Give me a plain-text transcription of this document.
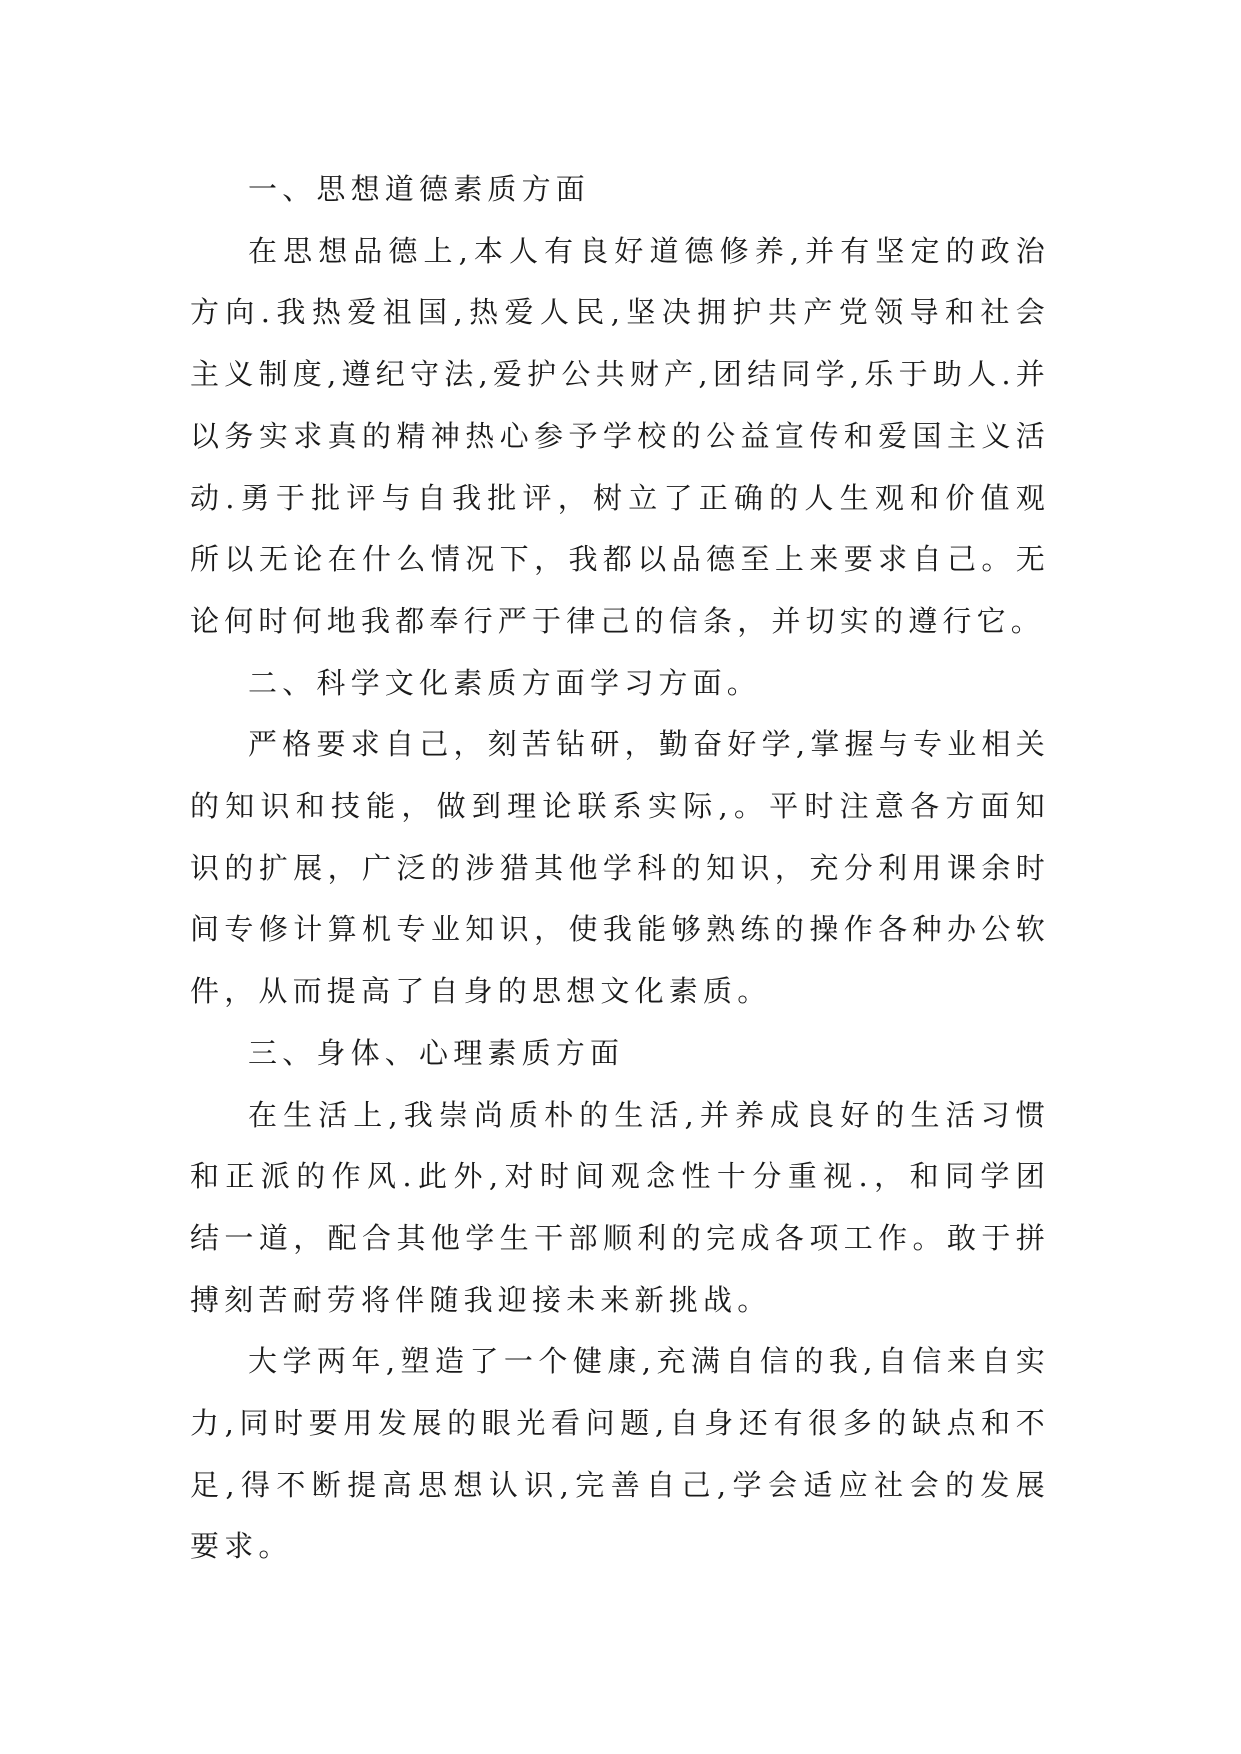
一、思想道德素质方面

在思想品德上,本人有良好道德修养,并有坚定的政治方向.我热爱祖国,热爱人民,坚决拥护共产党领导和社会主义制度,遵纪守法,爱护公共财产,团结同学,乐于助人.并以务实求真的精神热心参予学校的公益宣传和爱国主义活动.勇于批评与自我批评，树立了正确的人生观和价值观所以无论在什么情况下，我都以品德至上来要求自己。无论何时何地我都奉行严于律己的信条，并切实的遵行它。

二、科学文化素质方面学习方面。

严格要求自己，刻苦钻研，勤奋好学,掌握与专业相关的知识和技能，做到理论联系实际,。平时注意各方面知识的扩展，广泛的涉猎其他学科的知识，充分利用课余时间专修计算机专业知识，使我能够熟练的操作各种办公软件，从而提高了自身的思想文化素质。

三、身体、心理素质方面

在生活上,我崇尚质朴的生活,并养成良好的生活习惯和正派的作风.此外,对时间观念性十分重视.，和同学团结一道，配合其他学生干部顺利的完成各项工作。敢于拼搏刻苦耐劳将伴随我迎接未来新挑战。

大学两年,塑造了一个健康,充满自信的我,自信来自实力,同时要用发展的眼光看问题,自身还有很多的缺点和不足,得不断提高思想认识,完善自己,学会适应社会的发展要求。
